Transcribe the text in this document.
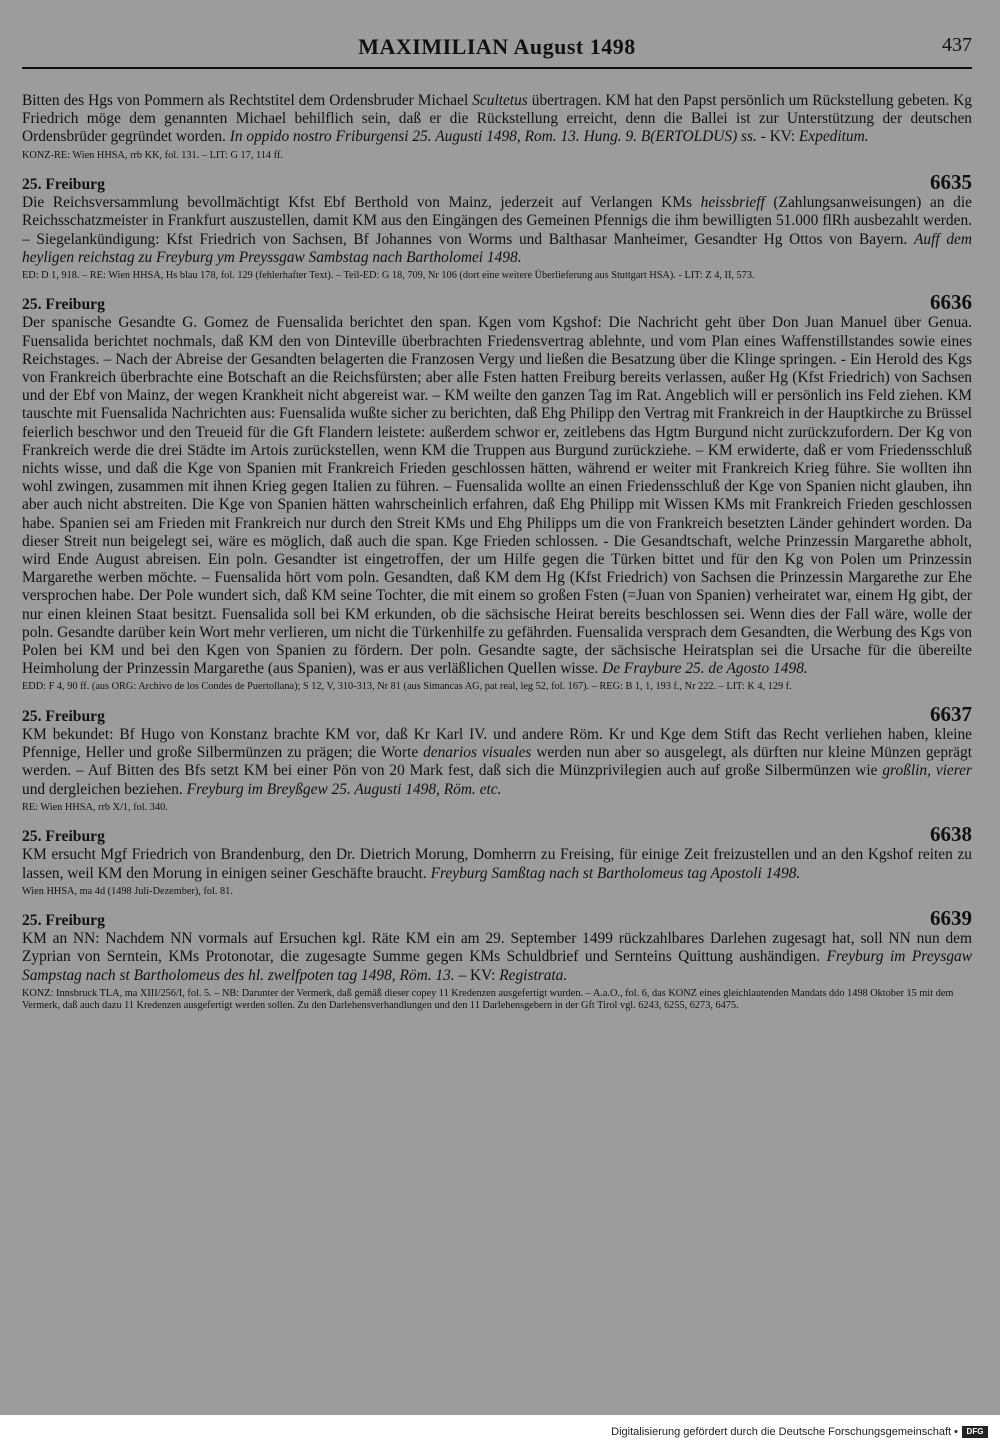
MAXIMILIAN August 1498	437

Bitten des Hgs von Pommern als Rechtstitel dem Ordensbruder Michael Scultetus übertragen. KM hat den Papst persönlich um Rückstellung gebeten. Kg Friedrich möge dem genannten Michael behilflich sein, daß er die Rückstellung erreicht, denn die Ballei ist zur Unterstützung der deutschen Ordensbrüder gegründet worden. In oppido nostro Friburgensi 25. Augusti 1498, Rom. 13. Hung. 9. B(ERTOLDUS) ss. - KV: Expeditum.

KONZ-RE: Wien HHSA, rrb KK, fol. 131. – LIT: G 17, 114 ff.

25. Freiburg	6635

Die Reichsversammlung bevollmächtigt Kfst Ebf Berthold von Mainz, jederzeit auf Verlangen KMs heissbrieff (Zahlungsanweisungen) an die Reichsschatzmeister in Frankfurt auszustellen, damit KM aus den Eingängen des Gemeinen Pfennigs die ihm bewilligten 51.000 flRh ausbezahlt werden. – Siegelankündigung: Kfst Friedrich von Sachsen, Bf Johannes von Worms und Balthasar Manheimer, Gesandter Hg Ottos von Bayern. Auff dem heyligen reichstag zu Freyburg ym Preyssgaw Sambstag nach Bartholomei 1498.

ED: D 1, 918. – RE: Wien HHSA, Hs blau 178, fol. 129 (fehlerhafter Text). – Teil-ED: G 18, 709, Nr 106 (dort eine weitere Überlieferung aus Stuttgart HSA). - LIT: Z 4, II, 573.

25. Freiburg	6636

Der spanische Gesandte G. Gomez de Fuensalida berichtet den span. Kgen vom Kgshof: Die Nachricht geht über Don Juan Manuel über Genua. Fuensalida berichtet nochmals, daß KM den von Dinteville überbrachten Friedensvertrag ablehnte, und vom Plan eines Waffenstillstandes sowie eines Reichstages. – Nach der Abreise der Gesandten belagerten die Franzosen Vergy und ließen die Besatzung über die Klinge springen. - Ein Herold des Kgs von Frankreich überbrachte eine Botschaft an die Reichsfürsten; aber alle Fsten hatten Freiburg bereits verlassen, außer Hg (Kfst Friedrich) von Sachsen und der Ebf von Mainz, der wegen Krankheit nicht abgereist war. – KM weilte den ganzen Tag im Rat. Angeblich will er persönlich ins Feld ziehen. KM tauschte mit Fuensalida Nachrichten aus: Fuensalida wußte sicher zu berichten, daß Ehg Philipp den Vertrag mit Frankreich in der Hauptkirche zu Brüssel feierlich beschwor und den Treueid für die Gft Flandern leistete: außerdem schwor er, zeitlebens das Hgtm Burgund nicht zurückzufordern. Der Kg von Frankreich werde die drei Städte im Artois zurückstellen, wenn KM die Truppen aus Burgund zurückziehe. – KM erwiderte, daß er vom Friedensschluß nichts wisse, und daß die Kge von Spanien mit Frankreich Frieden geschlossen hätten, während er weiter mit Frankreich Krieg führe. Sie wollten ihn wohl zwingen, zusammen mit ihnen Krieg gegen Italien zu führen. – Fuensalida wollte an einen Friedensschluß der Kge von Spanien nicht glauben, ihn aber auch nicht abstreiten. Die Kge von Spanien hätten wahrscheinlich erfahren, daß Ehg Philipp mit Wissen KMs mit Frankreich Frieden geschlossen habe. Spanien sei am Frieden mit Frankreich nur durch den Streit KMs und Ehg Philipps um die von Frankreich besetzten Länder gehindert worden. Da dieser Streit nun beigelegt sei, wäre es möglich, daß auch die span. Kge Frieden schlossen. - Die Gesandtschaft, welche Prinzessin Margarethe abholt, wird Ende August abreisen. Ein poln. Gesandter ist eingetroffen, der um Hilfe gegen die Türken bittet und für den Kg von Polen um Prinzessin Margarethe werben möchte. – Fuensalida hört vom poln. Gesandten, daß KM dem Hg (Kfst Friedrich) von Sachsen die Prinzessin Margarethe zur Ehe versprochen habe. Der Pole wundert sich, daß KM seine Tochter, die mit einem so großen Fsten (=Juan von Spanien) verheiratet war, einem Hg gibt, der nur einen kleinen Staat besitzt. Fuensalida soll bei KM erkunden, ob die sächsische Heirat bereits beschlossen sei. Wenn dies der Fall wäre, wolle der poln. Gesandte darüber kein Wort mehr verlieren, um nicht die Türkenhilfe zu gefährden. Fuensalida versprach dem Gesandten, die Werbung des Kgs von Polen bei KM und bei den Kgen von Spanien zu fördern. Der poln. Gesandte sagte, der sächsische Heiratsplan sei die Ursache für die übereilte Heimholung der Prinzessin Margarethe (aus Spanien), was er aus verläßlichen Quellen wisse. De Fraybure 25. de Agosto 1498.

EDD: F 4, 90 ff. (aus ORG: Archivo de los Condes de Puertollana); S 12, V, 310-313, Nr 81 (aus Simancas AG, pat real, leg 52, fol. 167). – REG: B 1, 1, 193 f., Nr 222. – LIT: K 4, 129 f.

25. Freiburg	6637

KM bekundet: Bf Hugo von Konstanz brachte KM vor, daß Kr Karl IV. und andere Röm. Kr und Kge dem Stift das Recht verliehen haben, kleine Pfennige, Heller und große Silbermünzen zu prägen; die Worte denarios visuales werden nun aber so ausgelegt, als dürften nur kleine Münzen geprägt werden. – Auf Bitten des Bfs setzt KM bei einer Pön von 20 Mark fest, daß sich die Münzprivilegien auch auf große Silbermünzen wie großlin, vierer und dergleichen beziehen. Freyburg im Breyßgew 25. Augusti 1498, Röm. etc.

RE: Wien HHSA, rrb X/1, fol. 340.

25. Freiburg	6638

KM ersucht Mgf Friedrich von Brandenburg, den Dr. Dietrich Morung, Domherrn zu Freising, für einige Zeit freizustellen und an den Kgshof reiten zu lassen, weil KM den Morung in einigen seiner Geschäfte braucht. Freyburg Samßtag nach st Bartholomeus tag Apostoli 1498.

Wien HHSA, ma 4d (1498 Juli-Dezember), fol. 81.

25. Freiburg	6639

KM an NN: Nachdem NN vormals auf Ersuchen kgl. Räte KM ein am 29. September 1499 rückzahlbares Darlehen zugesagt hat, soll NN nun dem Zyprian von Serntein, KMs Protonotar, die zugesagte Summe gegen KMs Schuldbrief und Sernteins Quittung aushändigen. Freyburg im Preysgaw Sampstag nach st Bartholomeus des hl. zwelfpoten tag 1498, Röm. 13. – KV: Registrata.

KONZ: Innsbruck TLA, ma XIII/256/I, fol. 5. – NB: Darunter der Vermerk, daß gemäß dieser copey 11 Kredenzen ausgefertigt wurden. – A.a.O., fol. 6, das KONZ eines gleichlautenden Mandats ddo 1498 Oktober 15 mit dem Vermerk, daß auch dazu 11 Kredenzen ausgefertigt werden sollen. Zu den Darlehensverhandlungen und den 11 Darlehensgebern in der Gft Tirol vgl. 6243, 6255, 6273, 6475.

Digitalisierung gefördert durch die Deutsche Forschungsgemeinschaft •	DFG
